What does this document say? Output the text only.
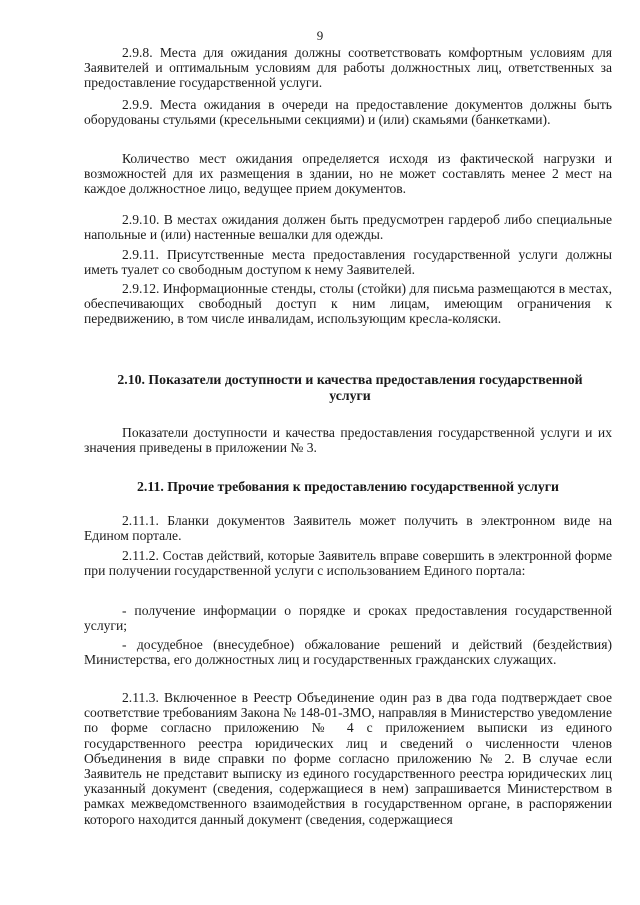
9

2.9.8. Места для ожидания должны соответствовать комфортным условиям для Заявителей и оптимальным условиям для работы должностных лиц, ответственных за предоставление государственной услуги.

2.9.9. Места ожидания в очереди на предоставление документов должны быть оборудованы стульями (кресельными секциями) и (или) скамьями (банкетками).

Количество мест ожидания определяется исходя из фактической нагрузки и возможностей для их размещения в здании, но не может составлять менее 2 мест на каждое должностное лицо, ведущее прием документов.

2.9.10. В местах ожидания должен быть предусмотрен гардероб либо специальные напольные и (или) настенные вешалки для одежды.

2.9.11. Присутственные места предоставления государственной услуги должны иметь туалет со свободным доступом к нему Заявителей.

2.9.12. Информационные стенды, столы (стойки) для письма размещаются в местах, обеспечивающих свободный доступ к ним лицам, имеющим ограничения к передвижению, в том числе инвалидам, использующим кресла-коляски.

2.10. Показатели доступности и качества предоставления государственной услуги

Показатели доступности и качества предоставления государственной услуги и их значения приведены в приложении № 3.

2.11. Прочие требования к предоставлению государственной услуги

2.11.1. Бланки документов Заявитель может получить в электронном виде на Едином портале.

2.11.2. Состав действий, которые Заявитель вправе совершить в электронной форме при получении государственной услуги с использованием Единого портала:

- получение информации о порядке и сроках предоставления государственной услуги;

- досудебное (внесудебное) обжалование решений и действий (бездействия) Министерства, его должностных лиц и государственных гражданских служащих.

2.11.3. Включенное в Реестр Объединение один раз в два года подтверждает свое соответствие требованиям Закона № 148-01-ЗМО, направляя в Министерство уведомление по форме согласно приложению № 4 с приложением выписки из единого государственного реестра юридических лиц и сведений о численности членов Объединения в виде справки по форме согласно приложению № 2. В случае если Заявитель не представит выписку из единого государственного реестра юридических лиц указанный документ (сведения, содержащиеся в нем) запрашивается Министерством в рамках межведомственного взаимодействия в государственном органе, в распоряжении которого находится данный документ (сведения, содержащиеся
